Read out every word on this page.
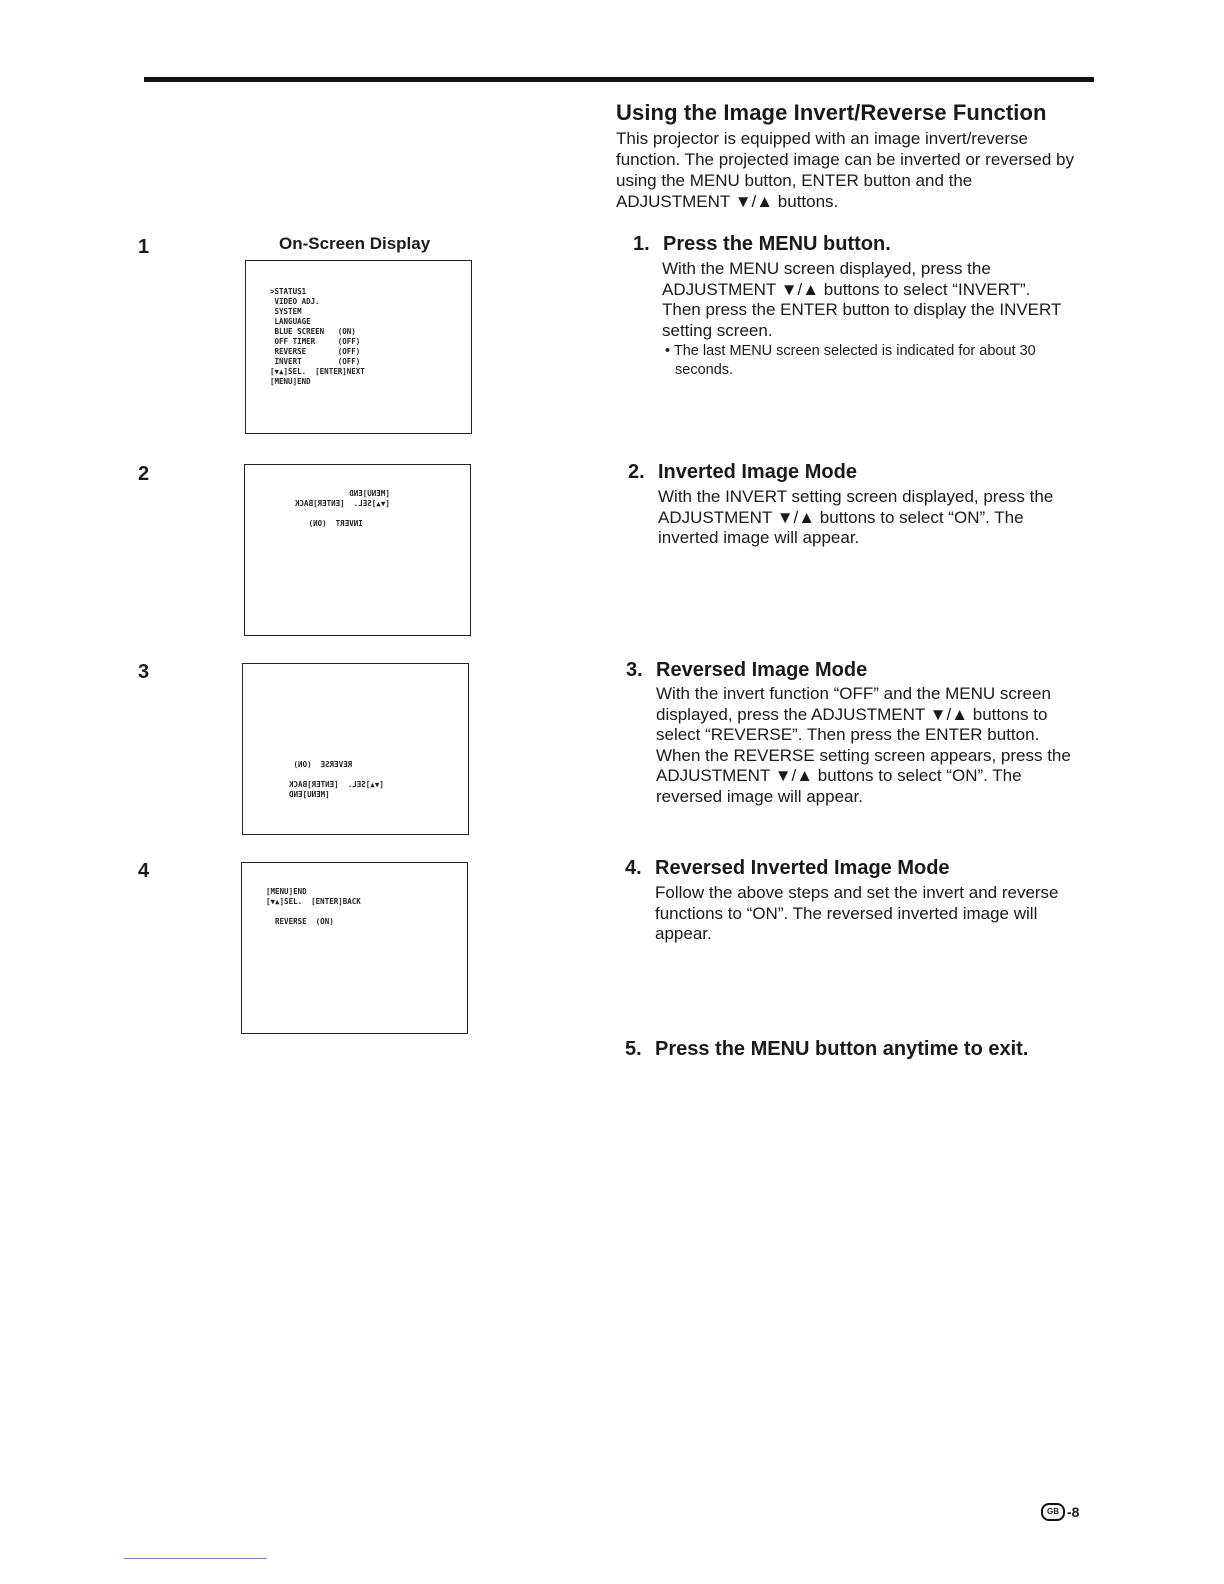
Using the Image Invert/Reverse Function

This projector is equipped with an image invert/reverse function. The projected image can be inverted or reversed by using the MENU button, ENTER button and the ADJUSTMENT ▼/▲ buttons.

1
2
3
4
On-Screen Display
>STATUS1
VIDEO ADJ.
SYSTEM
LANGUAGE
BLUE SCREEN   (ON)
OFF TIMER     (OFF)
REVERSE       (OFF)
INVERT        (OFF)
[▼▲]SEL.  [ENTER]NEXT
[MENU]END
[MENU]END
[▼▲]SEL.  [ENTER]BACK

INVERT  (ON)
REVERSE  (ON)

[▼▲]SEL.  [ENTER]BACK
[MENU]END
[MENU]END
[▼▲]SEL.  [ENTER]BACK

REVERSE  (ON)
1. Press the MENU button.

With the MENU screen displayed, press the ADJUSTMENT ▼/▲ buttons to select “INVERT”. Then press the ENTER button to display the INVERT setting screen.

• The last MENU screen selected is indicated for about 30 seconds.

2. Inverted Image Mode

With the INVERT setting screen displayed, press the ADJUSTMENT ▼/▲ buttons to select “ON”. The inverted image will appear.

3. Reversed Image Mode

With the invert function “OFF” and the MENU screen displayed, press the ADJUSTMENT ▼/▲ buttons to select “REVERSE”. Then press the ENTER button. When the REVERSE setting screen appears, press the ADJUSTMENT ▼/▲ buttons to select “ON”. The reversed image will appear.

4. Reversed Inverted Image Mode

Follow the above steps and set the invert and reverse functions to “ON”. The reversed inverted image will appear.

5. Press the MENU button anytime to exit.
GB -8
